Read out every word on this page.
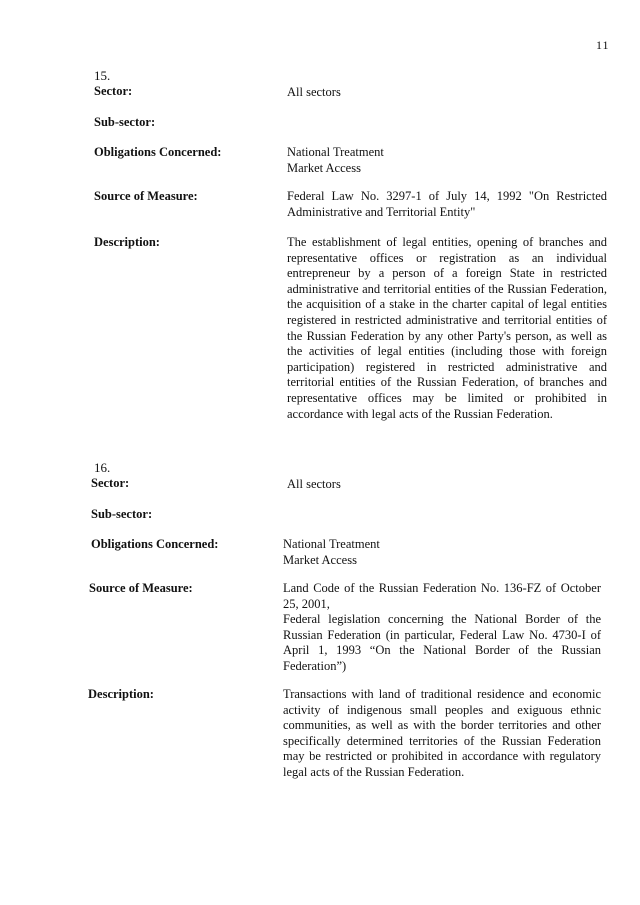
11
15.
Sector:	All sectors
Sub-sector:
Obligations Concerned:	National Treatment
Market Access
Source of Measure:	Federal Law No. 3297-1 of July 14, 1992 "On Restricted Administrative and Territorial Entity"
Description:	The establishment of legal entities, opening of branches and representative offices or registration as an individual entrepreneur by a person of a foreign State in restricted administrative and territorial entities of the Russian Federation, the acquisition of a stake in the charter capital of legal entities registered in restricted administrative and territorial entities of the Russian Federation by any other Party's person, as well as the activities of legal entities (including those with foreign participation) registered in restricted administrative and territorial entities of the Russian Federation, of branches and representative offices may be limited or prohibited in accordance with legal acts of the Russian Federation.
16.
Sector:	All sectors
Sub-sector:
Obligations Concerned:	National Treatment
Market Access
Source of Measure:	Land Code of the Russian Federation No. 136-FZ of October 25, 2001,
Federal legislation concerning the National Border of the Russian Federation (in particular, Federal Law No. 4730-I of April 1, 1993 “On the National Border of the Russian Federation”)
Description:	Transactions with land of traditional residence and economic activity of indigenous small peoples and exiguous ethnic communities, as well as with the border territories and other specifically determined territories of the Russian Federation may be restricted or prohibited in accordance with regulatory legal acts of the Russian Federation.
